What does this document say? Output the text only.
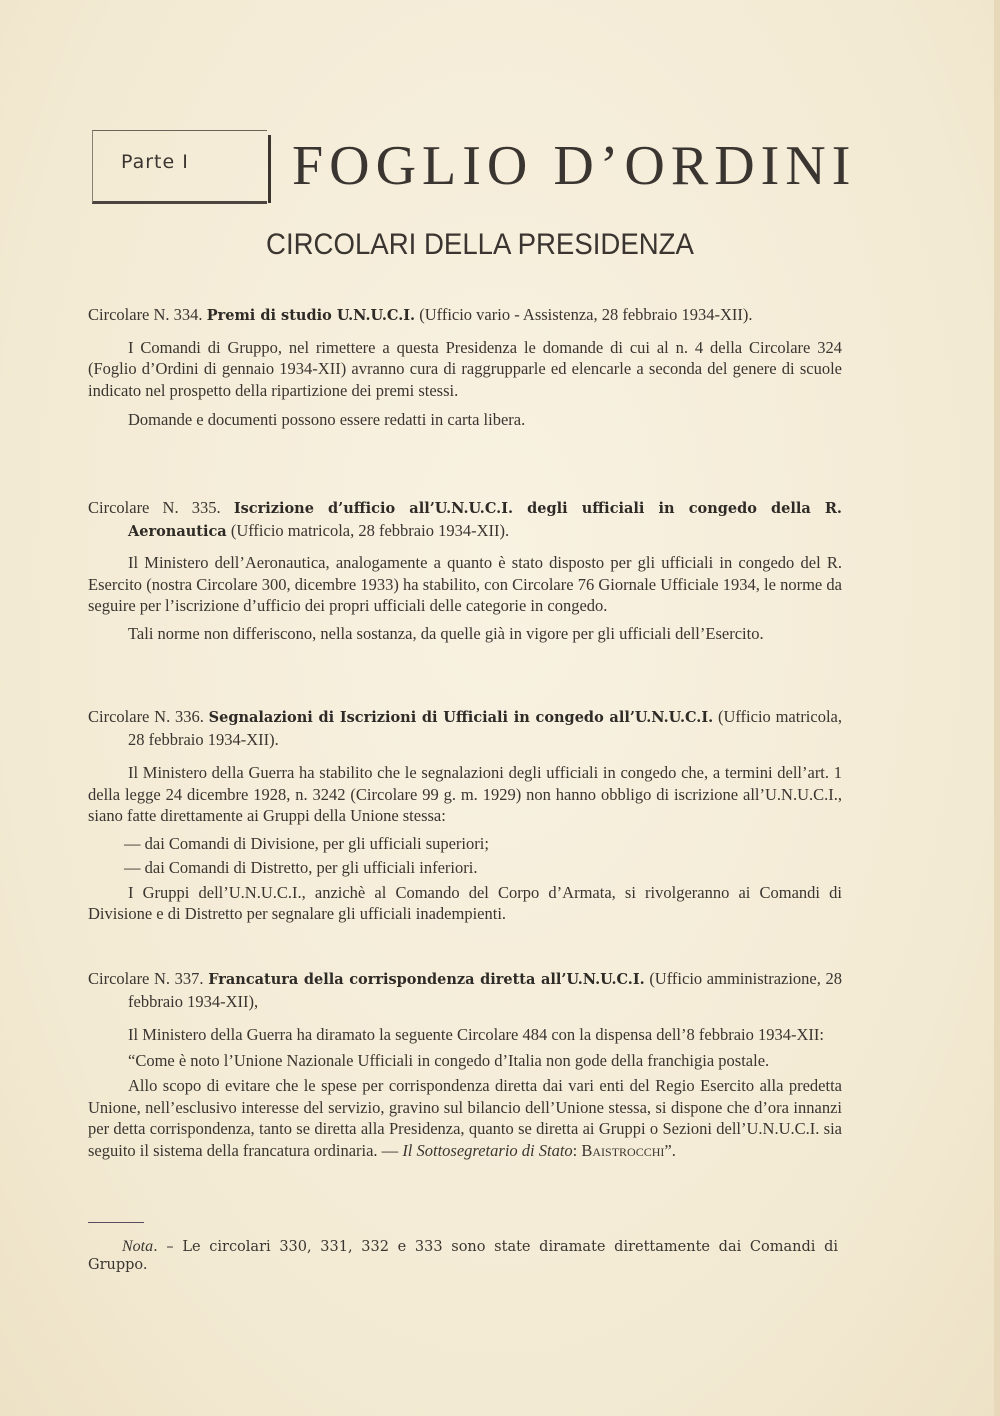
Parte I FOGLIO D’ORDINI
CIRCOLARI DELLA PRESIDENZA
Circolare N. 334. Premi di studio U.N.U.C.I. (Ufficio vario - Assistenza, 28 febbraio 1934-XII).

I Comandi di Gruppo, nel rimettere a questa Presidenza le domande di cui al n. 4 della Circolare 324 (Foglio d’Ordini di gennaio 1934-XII) avranno cura di raggrupparle ed elencarle a seconda del genere di scuole indicato nel prospetto della ripartizione dei premi stessi.

Domande e documenti possono essere redatti in carta libera.

Circolare N. 335. Iscrizione d’ufficio all’U.N.U.C.I. degli ufficiali in congedo della R. Aeronautica (Ufficio matricola, 28 febbraio 1934-XII).

Il Ministero dell’Aeronautica, analogamente a quanto è stato disposto per gli ufficiali in congedo del R. Esercito (nostra Circolare 300, dicembre 1933) ha stabilito, con Circolare 76 Giornale Ufficiale 1934, le norme da seguire per l’iscrizione d’ufficio dei propri ufficiali delle categorie in congedo.

Tali norme non differiscono, nella sostanza, da quelle già in vigore per gli ufficiali dell’Esercito.

Circolare N. 336. Segnalazioni di Iscrizioni di Ufficiali in congedo all’U.N.U.C.I. (Ufficio matricola, 28 febbraio 1934-XII).

Il Ministero della Guerra ha stabilito che le segnalazioni degli ufficiali in congedo che, a termini dell’art. 1 della legge 24 dicembre 1928, n. 3242 (Circolare 99 g. m. 1929) non hanno obbligo di iscrizione all’U.N.U.C.I., siano fatte direttamente ai Gruppi della Unione stessa:

— dai Comandi di Divisione, per gli ufficiali superiori;

— dai Comandi di Distretto, per gli ufficiali inferiori.

I Gruppi dell’U.N.U.C.I., anzichè al Comando del Corpo d’Armata, si rivolgeranno ai Comandi di Divisione e di Distretto per segnalare gli ufficiali inadempienti.

Circolare N. 337. Francatura della corrispondenza diretta all’U.N.U.C.I. (Ufficio amministrazione, 28 febbraio 1934-XII),

Il Ministero della Guerra ha diramato la seguente Circolare 484 con la dispensa dell’8 febbraio 1934-XII:

“Come è noto l’Unione Nazionale Ufficiali in congedo d’Italia non gode della franchigia postale.

Allo scopo di evitare che le spese per corrispondenza diretta dai vari enti del Regio Esercito alla predetta Unione, nell’esclusivo interesse del servizio, gravino sul bilancio dell’Unione stessa, si dispone che d’ora innanzi per detta corrispondenza, tanto se diretta alla Presidenza, quanto se diretta ai Gruppi o Sezioni dell’U.N.U.C.I. sia seguito il sistema della francatura ordinaria. — Il Sottosegretario di Stato: Baistrocchi”.

Nota. – Le circolari 330, 331, 332 e 333 sono state diramate direttamente dai Comandi di Gruppo.
